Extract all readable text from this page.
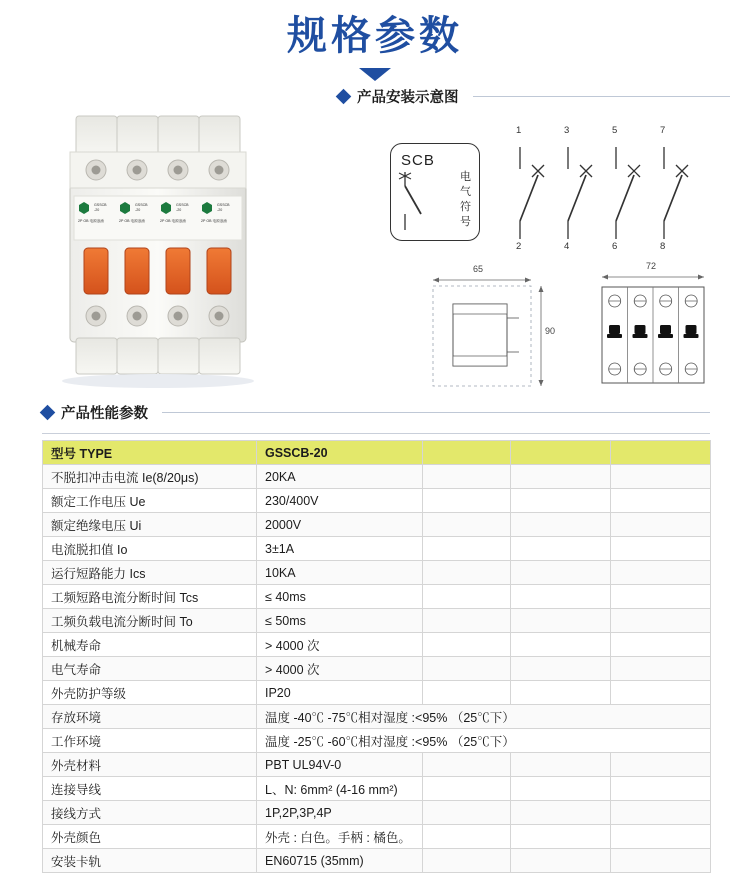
规格参数
GSSCB
-20
2P OB 电源浪涌
GSSCB
-20
2P OB 电源浪涌
GSSCB
-20
2P OB 电源浪涌
GSSCB
-20
2P OB 电源浪涌
产品安装示意图
SCB
电
气
符
号
1	3	5	7
2	4	6	8
65
90
72
产品性能参数
型号 TYPE	GSSCB-20			
不脱扣冲击电流 Ie(8/20μs)	20KA			
额定工作电压 Ue	230/400V			
额定绝缘电压 Ui	2000V			
电流脱扣值 Io	3±1A			
运行短路能力 Ics	10KA			
工频短路电流分断时间 Tcs	≤ 40ms			
工频负载电流分断时间 To	≤ 50ms			
机械寿命	> 4000 次			
电气寿命	> 4000 次			
外壳防护等级	IP20			
存放环境	温度 -40℃ -75℃相对湿度 :<95% （25℃下）			
工作环境	温度 -25℃ -60℃相对湿度 :<95% （25℃下）			
外壳材料	PBT UL94V-0			
连接导线	L、N: 6mm² (4-16 mm²)			
接线方式	1P,2P,3P,4P			
外壳颜色	外壳 : 白色。手柄 : 橘色。			
安装卡轨	EN60715 (35mm)			
